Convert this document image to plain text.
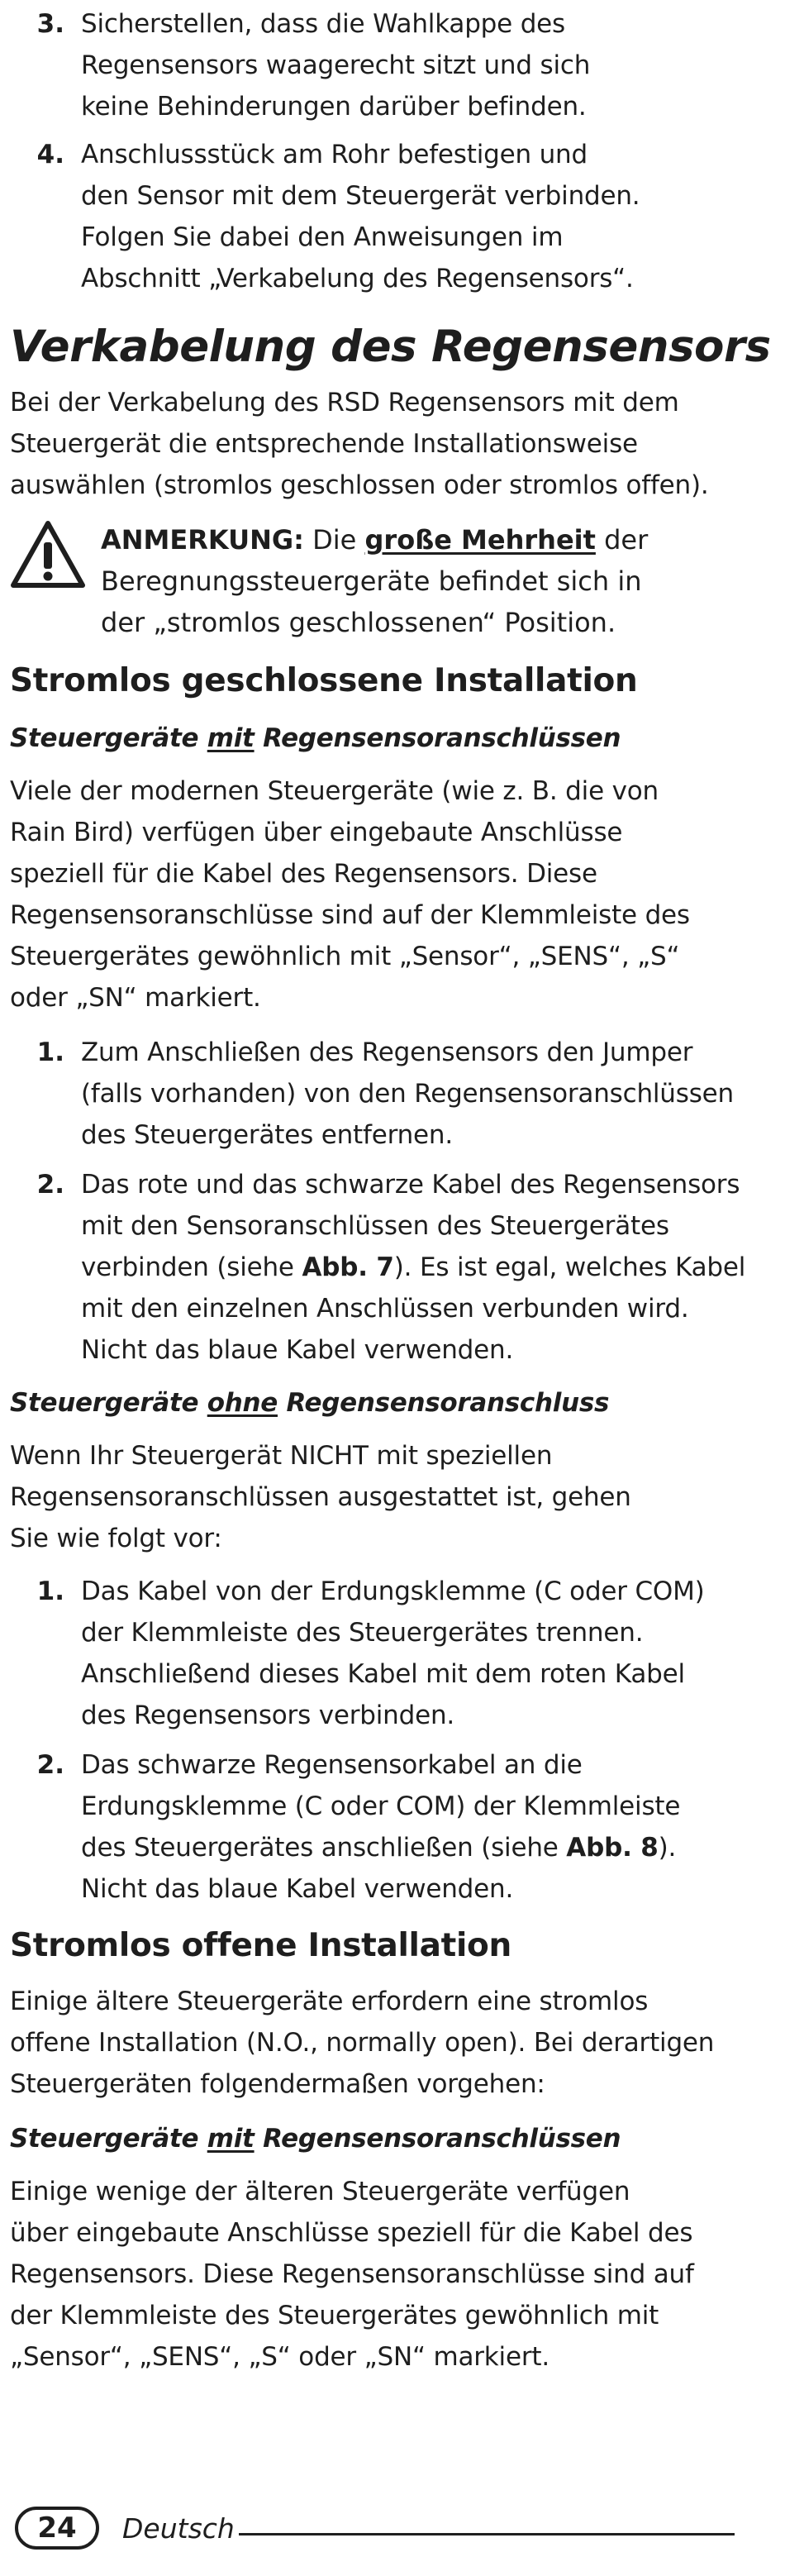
3. Sicherstellen, dass die Wahlkappe des
Regensensors waagerecht sitzt und sich
keine Behinderungen darüber befinden.
4. Anschlussstück am Rohr befestigen und
den Sensor mit dem Steuergerät verbinden.
Folgen Sie dabei den Anweisungen im
Abschnitt „Verkabelung des Regensensors“.
Verkabelung des Regensensors
Bei der Verkabelung des RSD Regensensors mit dem
Steuergerät die entsprechende Installationsweise
auswählen (stromlos geschlossen oder stromlos offen).
ANMERKUNG: Die große Mehrheit der
Beregnungssteuergeräte befindet sich in
der „stromlos geschlossenen“ Position.
Stromlos geschlossene Installation
Steuergeräte mit Regensensoranschlüssen
Viele der modernen Steuergeräte (wie z. B. die von
Rain Bird) verfügen über eingebaute Anschlüsse
speziell für die Kabel des Regensensors. Diese
Regensensoranschlüsse sind auf der Klemmleiste des
Steuergerätes gewöhnlich mit „Sensor“, „SENS“, „S“
oder „SN“ markiert.
1. Zum Anschließen des Regensensors den Jumper
(falls vorhanden) von den Regensensoranschlüssen
des Steuergerätes entfernen.
2. Das rote und das schwarze Kabel des Regensensors
mit den Sensoranschlüssen des Steuergerätes
verbinden (siehe Abb. 7). Es ist egal, welches Kabel
mit den einzelnen Anschlüssen verbunden wird.
Nicht das blaue Kabel verwenden.
Steuergeräte ohne Regensensoranschluss
Wenn Ihr Steuergerät NICHT mit speziellen
Regensensoranschlüssen ausgestattet ist, gehen
Sie wie folgt vor:
1. Das Kabel von der Erdungsklemme (C oder COM)
der Klemmleiste des Steuergerätes trennen.
Anschließend dieses Kabel mit dem roten Kabel
des Regensensors verbinden.
2. Das schwarze Regensensorkabel an die
Erdungsklemme (C oder COM) der Klemmleiste
des Steuergerätes anschließen (siehe Abb. 8).
Nicht das blaue Kabel verwenden.
Stromlos offene Installation
Einige ältere Steuergeräte erfordern eine stromlos
offene Installation (N.O., normally open). Bei derartigen
Steuergeräten folgendermaßen vorgehen:
Steuergeräte mit Regensensoranschlüssen
Einige wenige der älteren Steuergeräte verfügen
über eingebaute Anschlüsse speziell für die Kabel des
Regensensors. Diese Regensensoranschlüsse sind auf
der Klemmleiste des Steuergerätes gewöhnlich mit
„Sensor“, „SENS“, „S“ oder „SN“ markiert.
24	Deutsch
